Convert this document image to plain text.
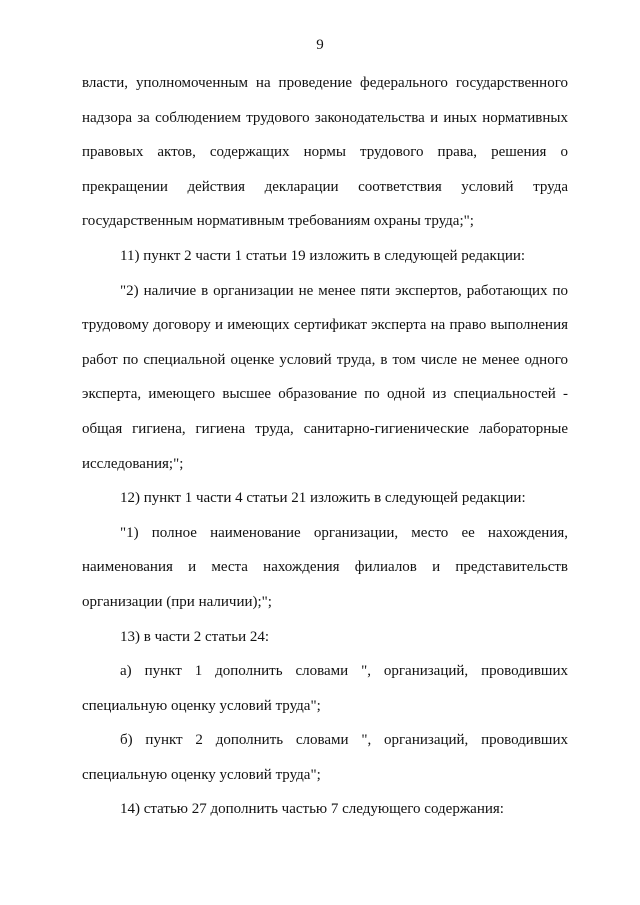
9
власти, уполномоченным на проведение федерального государственного
надзора за соблюдением трудового законодательства и иных нормативных
правовых актов, содержащих нормы трудового права, решения о
прекращении действия декларации соответствия условий труда
государственным нормативным требованиям охраны труда;";
11) пункт 2 части 1 статьи 19 изложить в следующей редакции:
"2) наличие в организации не менее пяти экспертов, работающих по
трудовому договору и имеющих сертификат эксперта на право выполнения
работ по специальной оценке условий труда, в том числе не менее одного
эксперта, имеющего высшее образование по одной из специальностей -
общая гигиена, гигиена труда, санитарно-гигиенические лабораторные
исследования;";
12) пункт 1 части 4 статьи 21 изложить в следующей редакции:
"1) полное наименование организации, место ее нахождения,
наименования и места нахождения филиалов и представительств
организации (при наличии);";
13) в части 2 статьи 24:
а) пункт 1 дополнить словами ", организаций, проводивших
специальную оценку условий труда";
б) пункт 2 дополнить словами ", организаций, проводивших
специальную оценку условий труда";
14) статью 27 дополнить частью 7 следующего содержания:
